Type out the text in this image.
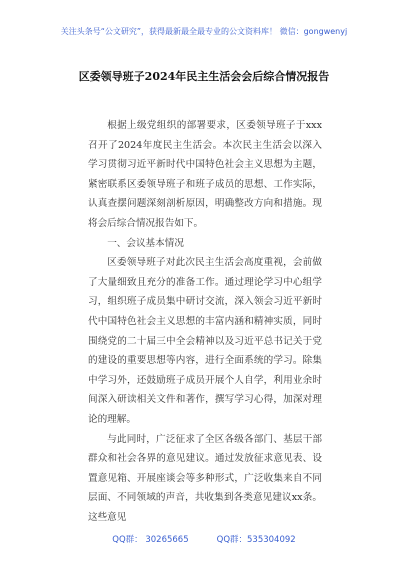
关注头条号“公文研究”，获得最新最全最专业的公文资料库！ 微信：gongwenyj
区委领导班子2024年民主生活会会后综合情况报告

根据上级党组织的部署要求，区委领导班子于xxx召开了2024年度民主生活会。本次民主生活会以深入学习贯彻习近平新时代中国特色社会主义思想为主题，紧密联系区委领导班子和班子成员的思想、工作实际，认真查摆问题深刻剖析原因，明确整改方向和措施。现将会后综合情况报告如下。

一、会议基本情况

区委领导班子对此次民主生活会高度重视，会前做了大量细致且充分的准备工作。通过理论学习中心组学习，组织班子成员集中研讨交流，深入领会习近平新时代中国特色社会主义思想的丰富内涵和精神实质，同时围绕党的二十届三中全会精神以及习近平总书记关于党的建设的重要思想等内容，进行全面系统的学习。除集中学习外，还鼓励班子成员开展个人自学，利用业余时间深入研读相关文件和著作，撰写学习心得，加深对理论的理解。

与此同时，广泛征求了全区各级各部门、基层干部群众和社会各界的意见建议。通过发放征求意见表、设置意见箱、开展座谈会等多种形式，广泛收集来自不同层面、不同领域的声音，共收集到各类意见建议xx条。这些意见

QQ群： 30265665	QQ群：535304092
